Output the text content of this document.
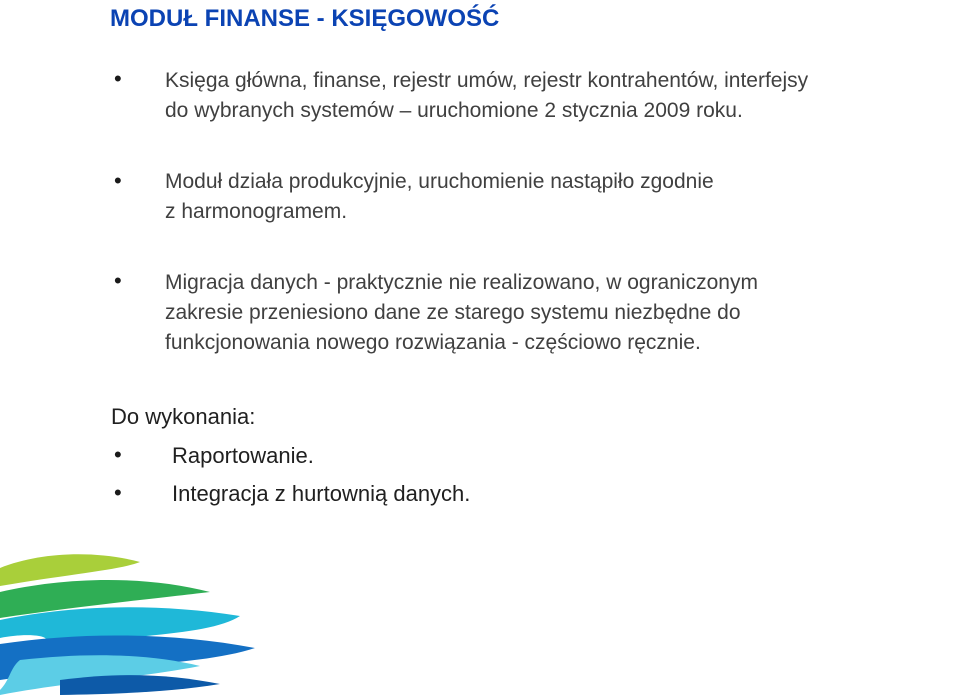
MODUŁ FINANSE - KSIĘGOWOŚĆ
• Księga główna, finanse, rejestr umów, rejestr kontrahentów, interfejsy
do wybranych systemów – uruchomione 2 stycznia 2009 roku.
• Moduł działa produkcyjnie, uruchomienie nastąpiło zgodnie
z harmonogramem.
• Migracja danych - praktycznie nie realizowano, w ograniczonym
zakresie przeniesiono dane ze starego systemu niezbędne do
funkcjonowania nowego rozwiązania - częściowo ręcznie.
Do wykonania:
• Raportowanie.
• Integracja z hurtownią danych.
